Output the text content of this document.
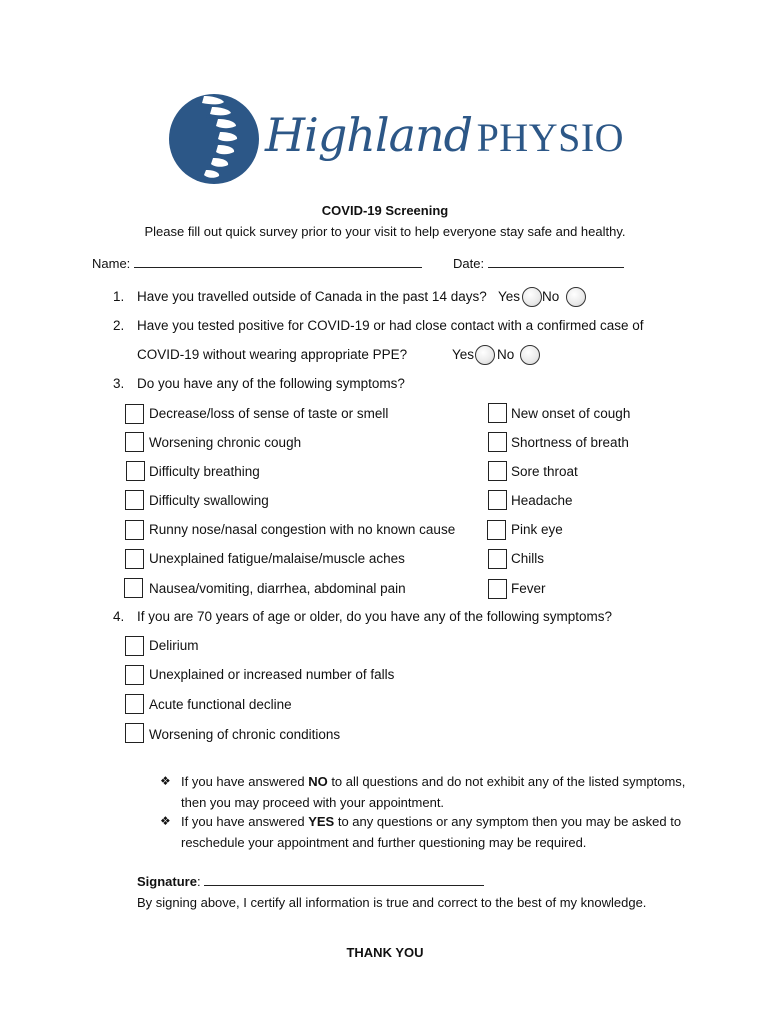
Highland PHYSIO
COVID-19 Screening
Please fill out quick survey prior to your visit to help everyone stay safe and healthy.
Name:	Date:
1. Have you travelled outside of Canada in the past 14 days? Yes No
2. Have you tested positive for COVID-19 or had close contact with a confirmed case of
COVID-19 without wearing appropriate PPE?	Yes No
3. Do you have any of the following symptoms?
Decrease/loss of sense of taste or smell
Worsening chronic cough
Difficulty breathing
Difficulty swallowing
Runny nose/nasal congestion with no known cause
Unexplained fatigue/malaise/muscle aches
Nausea/vomiting, diarrhea, abdominal pain
New onset of cough
Shortness of breath
Sore throat
Headache
Pink eye
Chills
Fever
4. If you are 70 years of age or older, do you have any of the following symptoms?
Delirium
Unexplained or increased number of falls
Acute functional decline
Worsening of chronic conditions
❖ If you have answered NO to all questions and do not exhibit any of the listed symptoms,
then you may proceed with your appointment.
❖ If you have answered YES to any questions or any symptom then you may be asked to
reschedule your appointment and further questioning may be required.
Signature:
By signing above, I certify all information is true and correct to the best of my knowledge.
THANK YOU
